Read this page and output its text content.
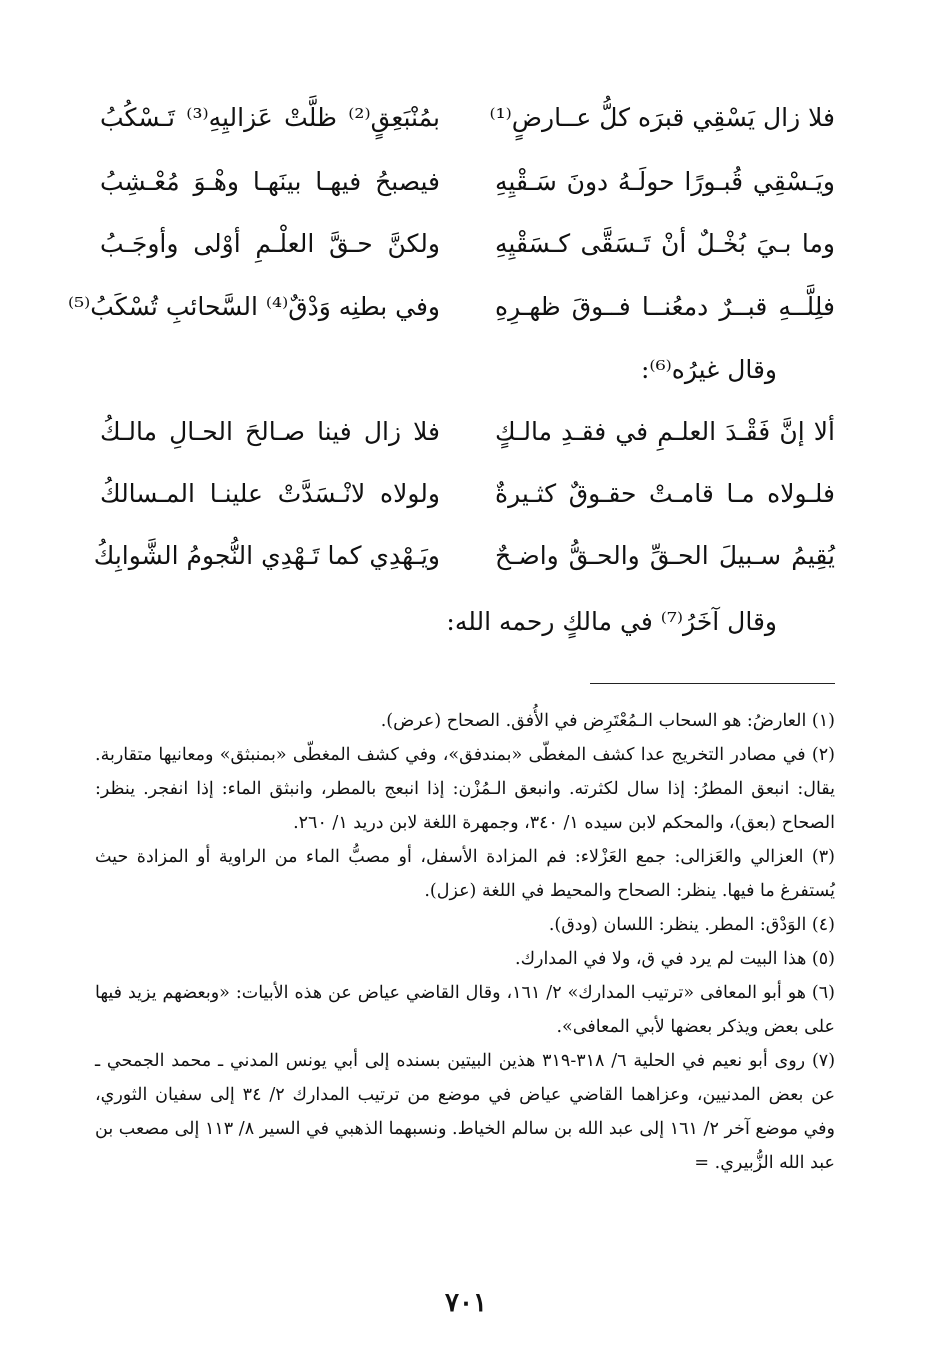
فلا زال يَسْقِي قبرَه كلُّ عــارضٍ⁽¹⁾
بمُنْبَعِقٍ⁽²⁾ ظلَّتْ عَزاليِهِ⁽³⁾ تَـسْكُبُ
ويَـسْقِي قُبـورًا حولَـهُ دونَ سَـقْيِهِ
فيصبحُ فيهـا بينَهـا وهْـوَ مُعْـشِبُ
وما بـيَ بُخْـلٌ أنْ تَـسَقَّى كـسَقْيِهِ
ولكنَّ حـقَّ العلْـمِ أوْلى وأوجَـبُ
فلِلَّــهِ قبــرٌ دمعُنــا فــوقَ ظهـرِهِ
وفي بطنِه وَدْقٌ⁽⁴⁾ السَّحائبِ تُسْكَبُ⁽⁵⁾
وقال غيرُه⁽⁶⁾:
ألا إنَّ فَقْـدَ العلـمِ في فقـدِ مالـكٍ
فلا زال فينا صـالحَ الحـالِ مالـكُ
فلـولاه مـا قامـتْ حقـوقٌ كثـيرةٌ
ولولاه لانْـسَدَّتْ علينـا المـسالكُ
يُقِيمُ سـبيلَ الحـقِّ والحـقُّ واضـحٌ
ويَـهْدِي كما تَـهْدِي النُّجومُ الشَّوابِكُ
وقال آخَرُ⁽⁷⁾ في مالكٍ رحمه الله:

(١) العارضُ: هو السحاب الـمُعْتَرِض في الأُفق. الصحاح (عرض).

(٢) في مصادر التخريج عدا كشف المغطّى «بمندفق»، وفي كشف المغطّى «بمنبثق» ومعانيها متقاربة. يقال: انبعق المطرُ: إذا سال لكثرته. وانبعق الـمُزْن: إذا انبعج بالمطر، وانبثق الماء: إذا انفجر. ينظر: الصحاح (بعق)، والمحكم لابن سيده ١/ ٣٤٠، وجمهرة اللغة لابن دريد ١/ ٢٦٠.

(٣) العزالي والعَزالى: جمع العَزْلاء: فم المزادة الأسفل، أو مصبُّ الماء من الراوية أو المزادة حيث يُستفرغ ما فيها. ينظر: الصحاح والمحيط في اللغة (عزل).

(٤) الوَدْق: المطر. ينظر: اللسان (ودق).

(٥) هذا البيت لم يرد في ق، ولا في المدارك.

(٦) هو أبو المعافى «ترتيب المدارك» ٢/ ١٦١، وقال القاضي عياض عن هذه الأبيات: «وبعضهم يزيد فيها على بعض ويذكر بعضها لأبي المعافى».

(٧) روى أبو نعيم في الحلية ٦/ ٣١٨-٣١٩ هذين البيتين بسنده إلى أبي يونس المدني ـ محمد الجمحي ـ عن بعض المدنيين، وعزاهما القاضي عياض في موضع من ترتيب المدارك ٢/ ٣٤ إلى سفيان الثوري، وفي موضع آخر ٢/ ١٦١ إلى عبد الله بن سالم الخياط. ونسبهما الذهبي في السير ٨/ ١١٣ إلى مصعب بن عبد الله الزُّبيري. =

٧٠١
